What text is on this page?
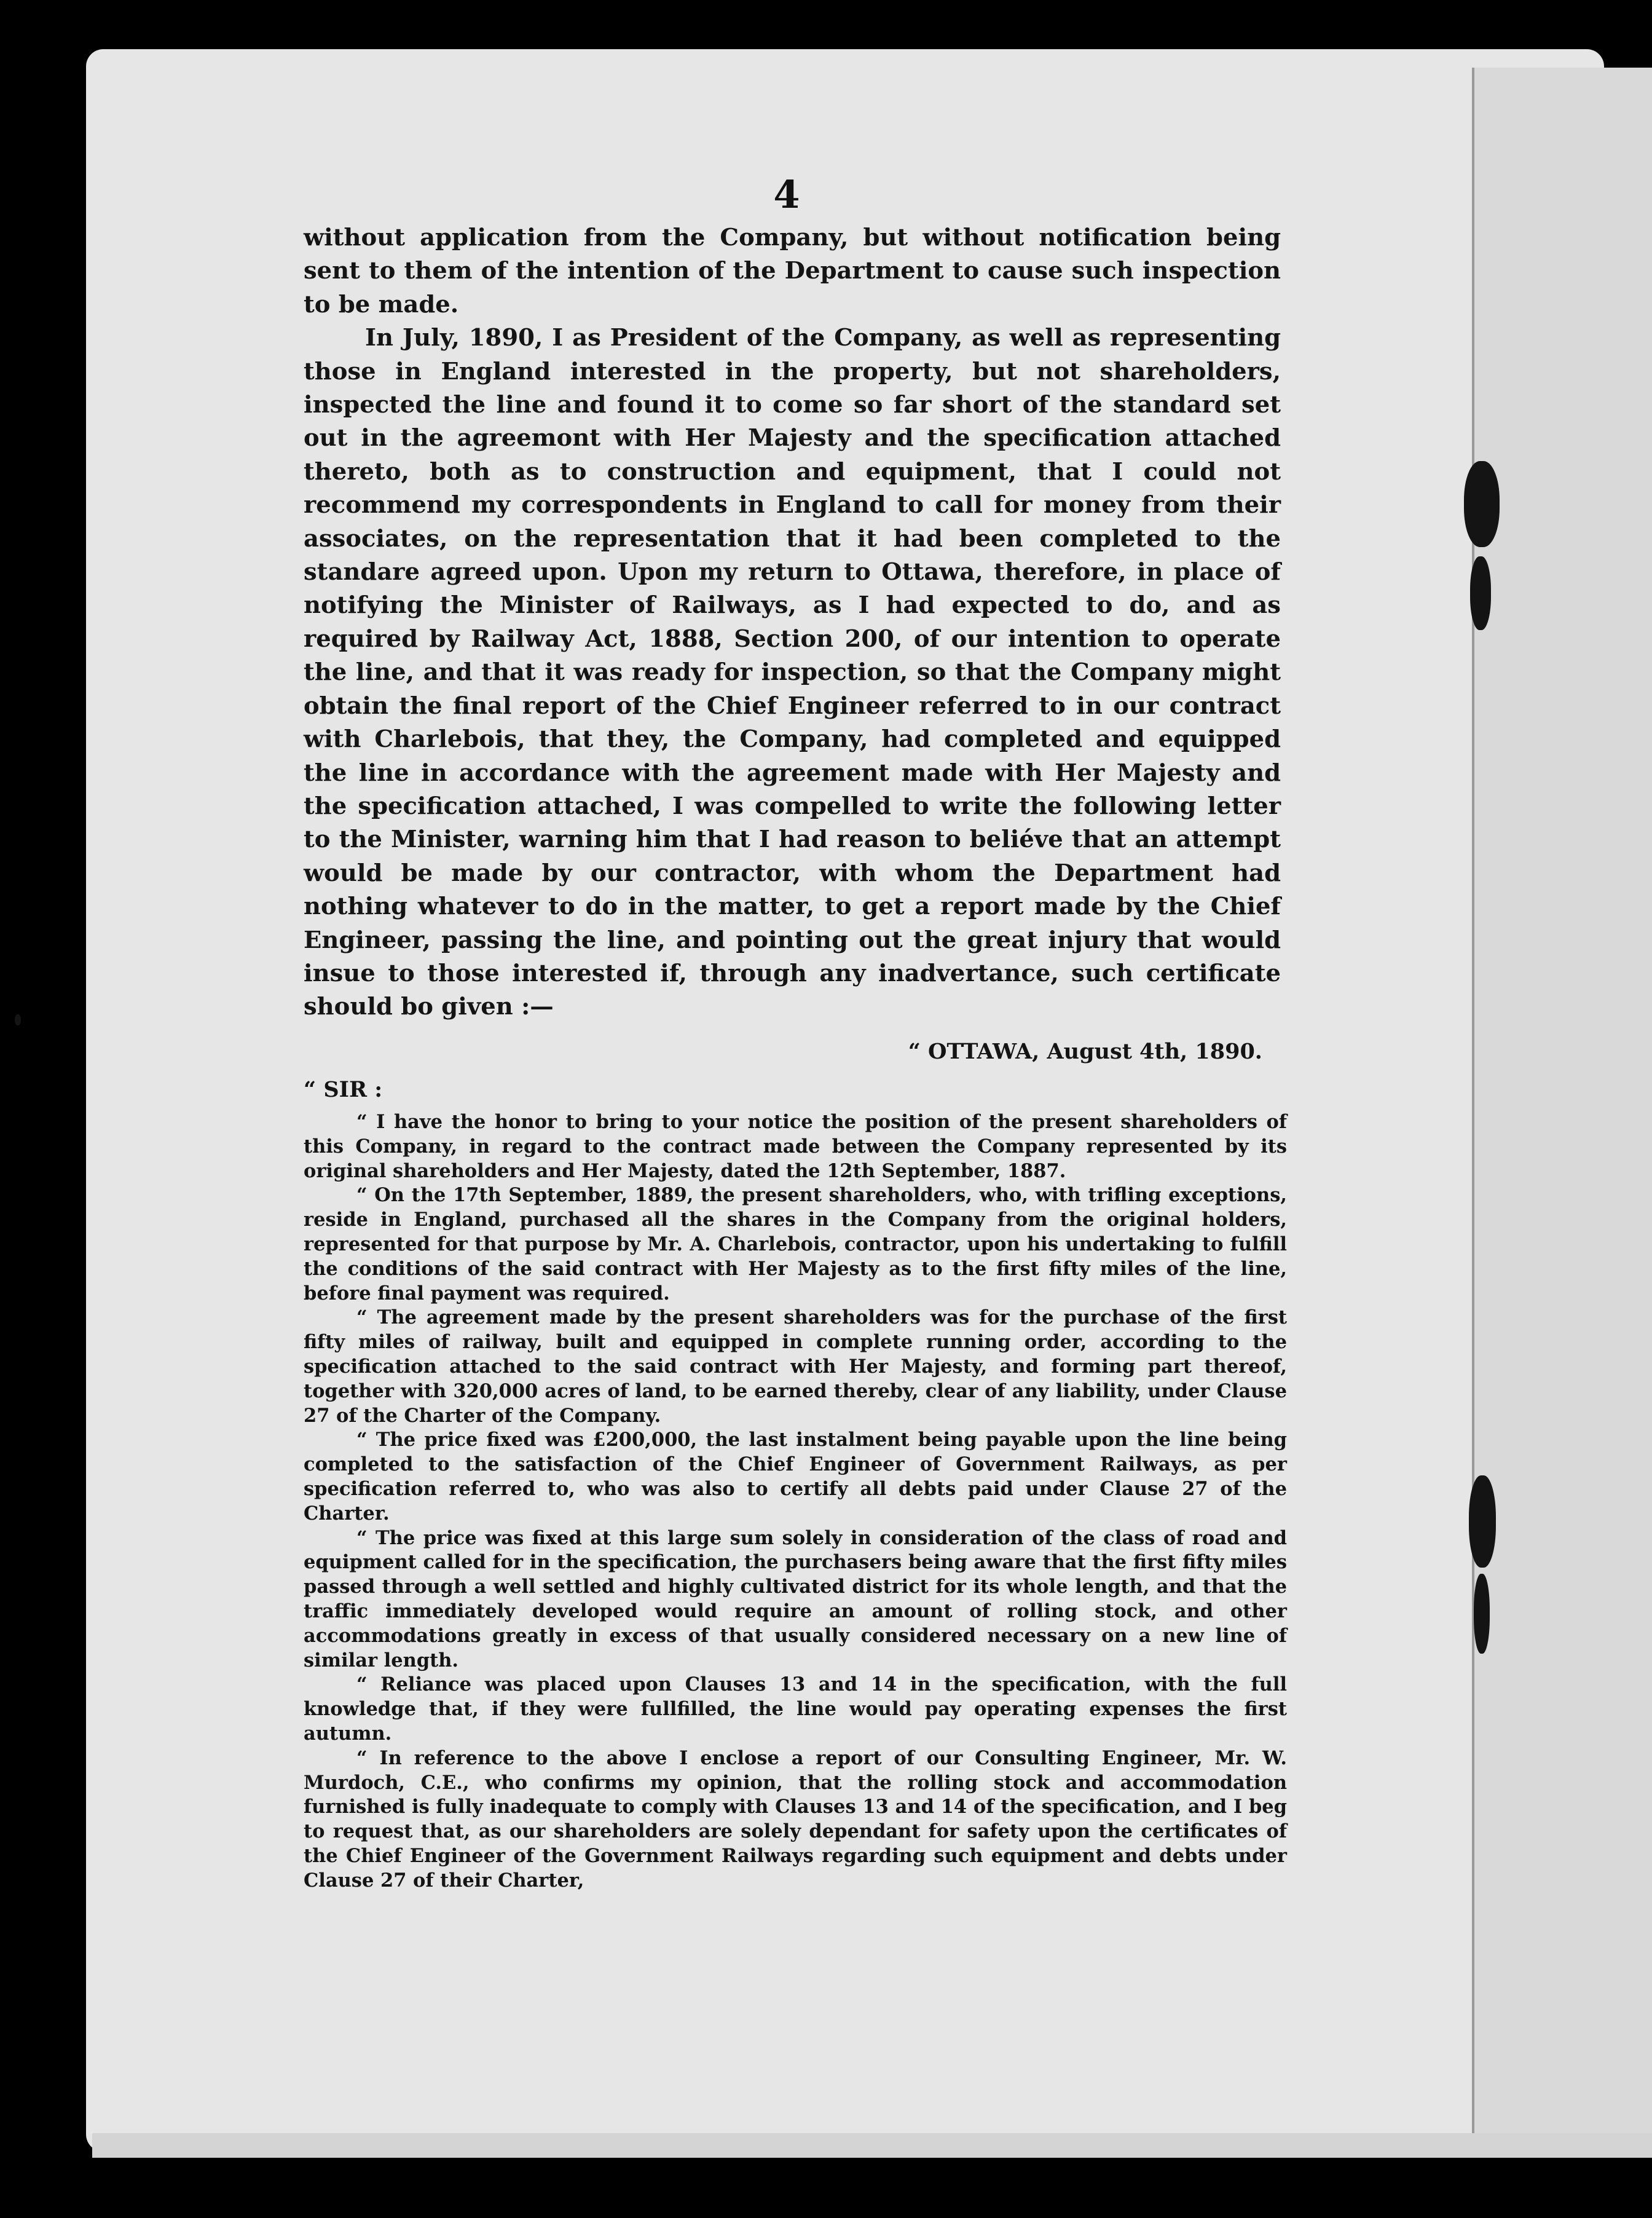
4

without application from the Company, but without notification being sent to them of the intention of the Department to cause such inspection to be made.

In July, 1890, I as President of the Company, as well as representing those in England interested in the property, but not shareholders, inspected the line and found it to come so far short of the standard set out in the agreemont with Her Majesty and the specification attached thereto, both as to construction and equipment, that I could not recommend my correspondents in England to call for money from their associates, on the representation that it had been completed to the standare agreed upon. Upon my return to Ottawa, therefore, in place of notifying the Minister of Railways, as I had expected to do, and as required by Railway Act, 1888, Section 200, of our intention to operate the line, and that it was ready for inspection, so that the Company might obtain the final report of the Chief Engineer referred to in our contract with Charlebois, that they, the Company, had completed and equipped the line in accordance with the agreement made with Her Majesty and the specification attached, I was compelled to write the following letter to the Minister, warning him that I had reason to beliéve that an attempt would be made by our contractor, with whom the Department had nothing whatever to do in the matter, to get a report made by the Chief Engineer, passing the line, and pointing out the great injury that would insue to those interested if, through any inadvertance, such certificate should bo given :—

“ OTTAWA, August 4th, 1890.
“ SIR :

“ I have the honor to bring to your notice the position of the present shareholders of this Company, in regard to the contract made between the Company represented by its original shareholders and Her Majesty, dated the 12th September, 1887.

“ On the 17th September, 1889, the present shareholders, who, with trifling exceptions, reside in England, purchased all the shares in the Company from the original holders, represented for that purpose by Mr. A. Charlebois, contractor, upon his undertaking to fulfill the conditions of the said contract with Her Majesty as to the first fifty miles of the line, before final payment was required.

“ The agreement made by the present shareholders was for the purchase of the first fifty miles of railway, built and equipped in complete running order, according to the specification attached to the said contract with Her Majesty, and forming part thereof, together with 320,000 acres of land, to be earned thereby, clear of any liability, under Clause 27 of the Charter of the Company.

“ The price fixed was £200,000, the last instalment being payable upon the line being completed to the satisfaction of the Chief Engineer of Government Railways, as per specification referred to, who was also to certify all debts paid under Clause 27 of the Charter.

“ The price was fixed at this large sum solely in consideration of the class of road and equipment called for in the specification, the purchasers being aware that the first fifty miles passed through a well settled and highly cultivated district for its whole length, and that the traffic immediately developed would require an amount of rolling stock, and other accommodations greatly in excess of that usually considered necessary on a new line of similar length.

“ Reliance was placed upon Clauses 13 and 14 in the specification, with the full knowledge that, if they were fullfilled, the line would pay operating expenses the first autumn.

“ In reference to the above I enclose a report of our Consulting Engineer, Mr. W. Murdoch, C.E., who confirms my opinion, that the rolling stock and accommodation furnished is fully inadequate to comply with Clauses 13 and 14 of the specification, and I beg to request that, as our shareholders are solely dependant for safety upon the certificates of the Chief Engineer of the Government Railways regarding such equipment and debts under Clause 27 of their Charter,
